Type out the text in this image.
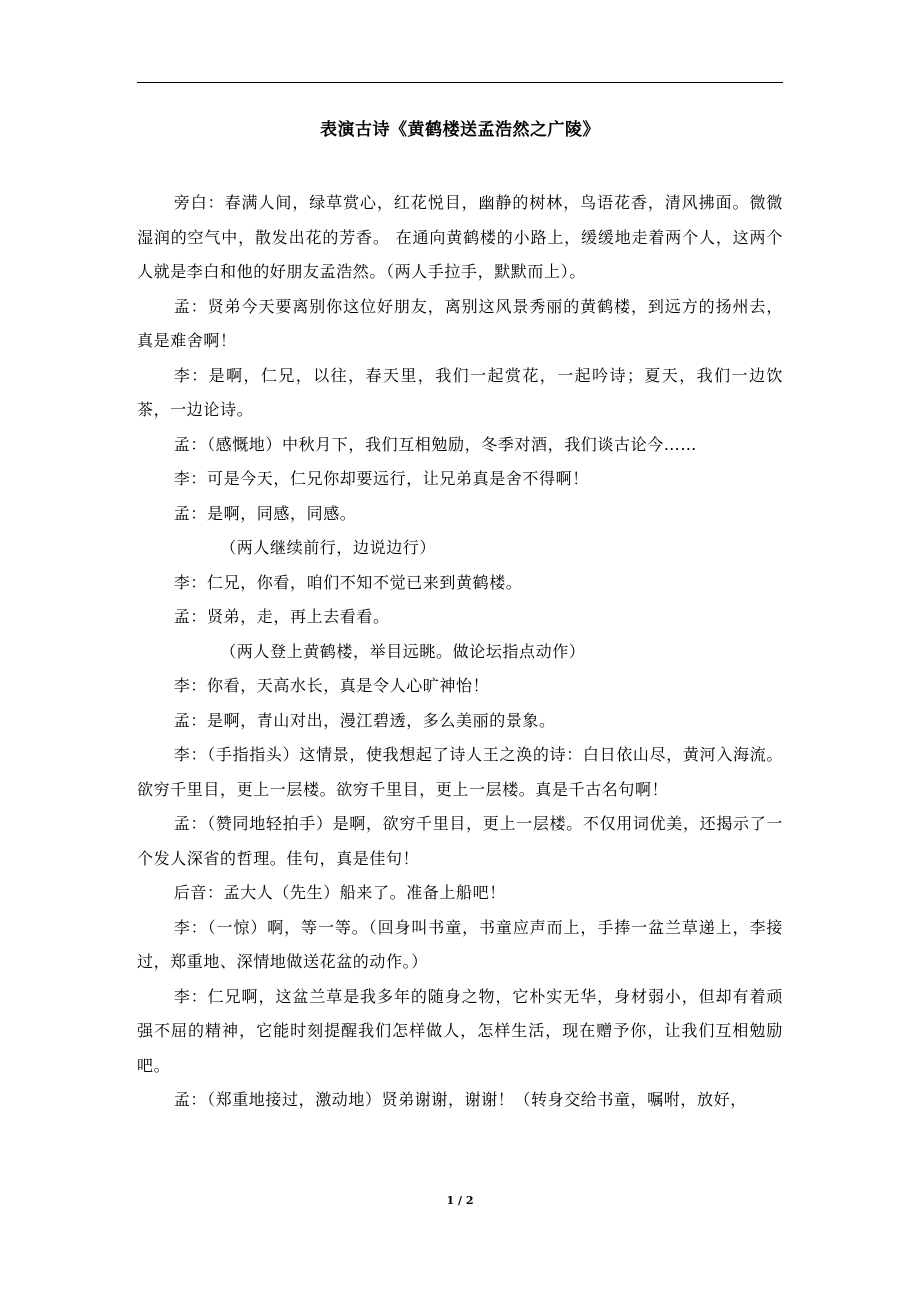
表演古诗《黄鹤楼送孟浩然之广陵》

旁白：春满人间，绿草赏心，红花悦目，幽静的树林，鸟语花香，清风拂面。微微湿润的空气中，散发出花的芳香。 在通向黄鹤楼的小路上，缓缓地走着两个人，这两个人就是李白和他的好朋友孟浩然。（两人手拉手，默默而上）。

孟：贤弟今天要离别你这位好朋友，离别这风景秀丽的黄鹤楼，到远方的扬州去，真是难舍啊！

李：是啊，仁兄，以往，春天里，我们一起赏花，一起吟诗；夏天，我们一边饮茶，一边论诗。

孟：（感慨地）中秋月下，我们互相勉励，冬季对酒，我们谈古论今……

李：可是今天，仁兄你却要远行，让兄弟真是舍不得啊！

孟：是啊，同感，同感。

（两人继续前行，边说边行）

李：仁兄，你看，咱们不知不觉已来到黄鹤楼。

孟：贤弟，走，再上去看看。

（两人登上黄鹤楼，举目远眺。做论坛指点动作）

李：你看，天高水长，真是令人心旷神怡！

孟：是啊，青山对出，漫江碧透，多么美丽的景象。

李：（手指指头）这情景，使我想起了诗人王之涣的诗：白日依山尽，黄河入海流。欲穷千里目，更上一层楼。欲穷千里目，更上一层楼。真是千古名句啊！

孟：（赞同地轻拍手）是啊，欲穷千里目，更上一层楼。不仅用词优美，还揭示了一个发人深省的哲理。佳句，真是佳句！

后音：孟大人（先生）船来了。准备上船吧！

李：（一惊）啊，等一等。（回身叫书童，书童应声而上，手捧一盆兰草递上，李接过，郑重地、深情地做送花盆的动作。）

李：仁兄啊，这盆兰草是我多年的随身之物，它朴实无华，身材弱小，但却有着顽强不屈的精神，它能时刻提醒我们怎样做人，怎样生活，现在赠予你，让我们互相勉励吧。

孟：（郑重地接过，激动地）贤弟谢谢，谢谢！（转身交给书童，嘱咐，放好，

1 / 2
